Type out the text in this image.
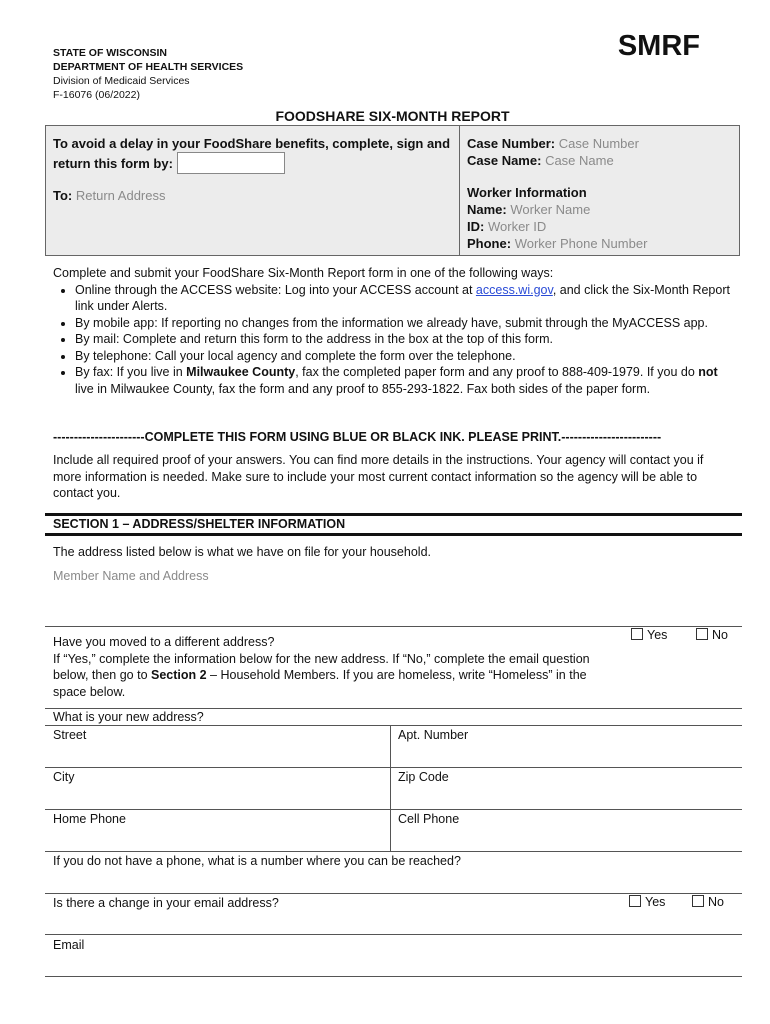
STATE OF WISCONSIN
DEPARTMENT OF HEALTH SERVICES
Division of Medicaid Services
F-16076 (06/2022)
SMRF
FOODSHARE SIX-MONTH REPORT
To avoid a delay in your FoodShare benefits, complete, sign and return this form by:
To: Return Address
Case Number: Case Number
Case Name: Case Name
Worker Information
Name: Worker Name
ID: Worker ID
Phone: Worker Phone Number
Complete and submit your FoodShare Six-Month Report form in one of the following ways:
• Online through the ACCESS website: Log into your ACCESS account at access.wi.gov, and click the Six-Month Report link under Alerts.
• By mobile app: If reporting no changes from the information we already have, submit through the MyACCESS app.
• By mail: Complete and return this form to the address in the box at the top of this form.
• By telephone: Call your local agency and complete the form over the telephone.
• By fax: If you live in Milwaukee County, fax the completed paper form and any proof to 888-409-1979. If you do not live in Milwaukee County, fax the form and any proof to 855-293-1822. Fax both sides of the paper form.
----------------------COMPLETE THIS FORM USING BLUE OR BLACK INK. PLEASE PRINT.------------------------
Include all required proof of your answers. You can find more details in the instructions. Your agency will contact you if more information is needed. Make sure to include your most current contact information so the agency will be able to contact you.
SECTION 1 – ADDRESS/SHELTER INFORMATION
The address listed below is what we have on file for your household.
Member Name and Address
Have you moved to a different address?
If “Yes,” complete the information below for the new address. If “No,” complete the email question below, then go to Section 2 – Household Members. If you are homeless, write “Homeless” in the space below.
Yes	No
What is your new address?
Street	Apt. Number
City	Zip Code
Home Phone	Cell Phone
If you do not have a phone, what is a number where you can be reached?
Is there a change in your email address?	Yes	No
Email
